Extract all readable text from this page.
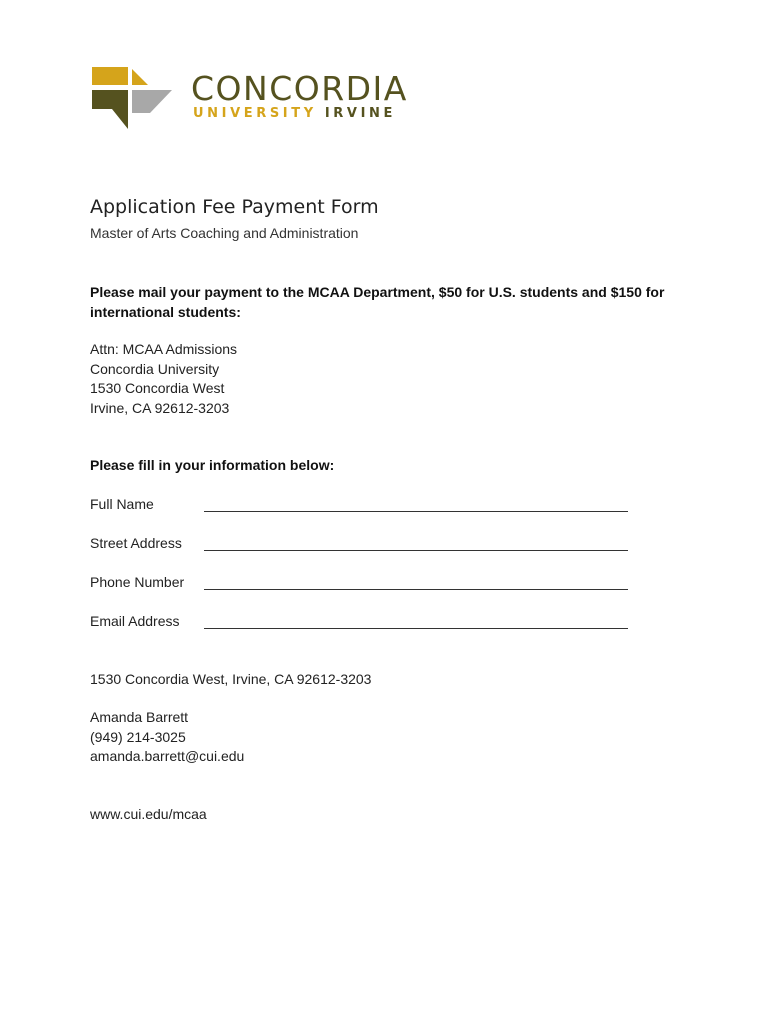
CONCORDIA
UNIVERSITY IRVINE
Application Fee Payment Form
Master of Arts Coaching and Administration
Please mail your payment to the MCAA Department, $50 for U.S. students and $150 for international students:
Attn: MCAA Admissions
Concordia University
1530 Concordia West
Irvine, CA 92612-3203
Please fill in your information below:
Full Name
Street Address
Phone Number
Email Address
1530 Concordia West, Irvine, CA 92612-3203
Amanda Barrett
(949) 214-3025
amanda.barrett@cui.edu
www.cui.edu/mcaa
